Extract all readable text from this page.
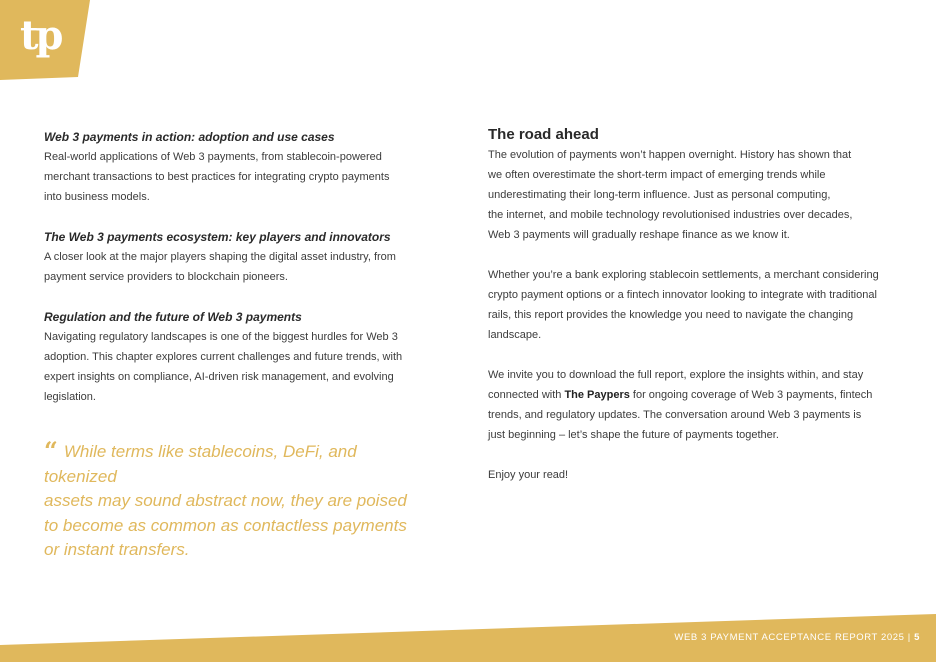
tp
Web 3 payments in action: adoption and use cases
Real-world applications of Web 3 payments, from stablecoin-powered
merchant transactions to best practices for integrating crypto payments
into business models.
The Web 3 payments ecosystem: key players and innovators
A closer look at the major players shaping the digital asset industry, from
payment service providers to blockchain pioneers.
Regulation and the future of Web 3 payments
Navigating regulatory landscapes is one of the biggest hurdles for Web 3
adoption. This chapter explores current challenges and future trends, with
expert insights on compliance, AI-driven risk management, and evolving
legislation.
“ While terms like stablecoins, DeFi, and tokenized
assets may sound abstract now, they are poised
to become as common as contactless payments
or instant transfers.
The road ahead
The evolution of payments won’t happen overnight. History has shown that
we often overestimate the short-term impact of emerging trends while
underestimating their long-term influence. Just as personal computing,
the internet, and mobile technology revolutionised industries over decades,
Web 3 payments will gradually reshape finance as we know it.
Whether you’re a bank exploring stablecoin settlements, a merchant considering
crypto payment options or a fintech innovator looking to integrate with traditional
rails, this report provides the knowledge you need to navigate the changing
landscape.
We invite you to download the full report, explore the insights within, and stay
connected with The Paypers for ongoing coverage of Web 3 payments, fintech
trends, and regulatory updates. The conversation around Web 3 payments is
just beginning – let’s shape the future of payments together.
Enjoy your read!
WEB 3 PAYMENT ACCEPTANCE REPORT 2025 | 5
